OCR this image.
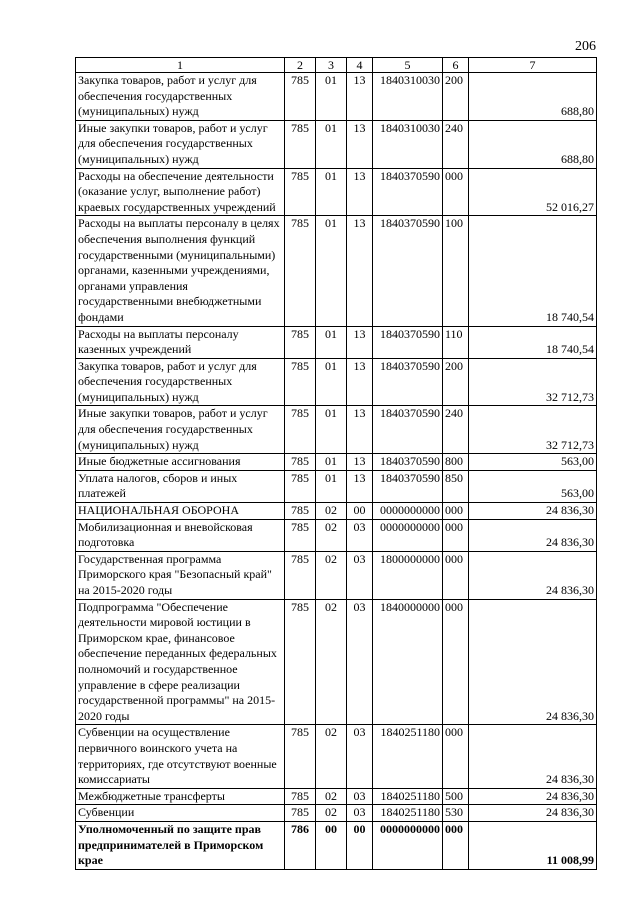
206
1	2	3	4	5	6	7
Закупка товаров, работ и услуг для обеспечения государственных (муниципальных) нужд	785	01	13	1840310030	200	688,80
Иные закупки товаров, работ и услуг для обеспечения государственных (муниципальных) нужд	785	01	13	1840310030	240	688,80
Расходы на обеспечение деятельности (оказание услуг, выполнение работ) краевых государственных учреждений	785	01	13	1840370590	000	52 016,27
Расходы на выплаты персоналу в целях обеспечения выполнения функций государственными (муниципальными) органами, казенными учреждениями, органами управления государственными внебюджетными фондами	785	01	13	1840370590	100	18 740,54
Расходы на выплаты персоналу казенных учреждений	785	01	13	1840370590	110	18 740,54
Закупка товаров, работ и услуг для обеспечения государственных (муниципальных) нужд	785	01	13	1840370590	200	32 712,73
Иные закупки товаров, работ и услуг для обеспечения государственных (муниципальных) нужд	785	01	13	1840370590	240	32 712,73
Иные бюджетные ассигнования	785	01	13	1840370590	800	563,00
Уплата налогов, сборов и иных платежей	785	01	13	1840370590	850	563,00
НАЦИОНАЛЬНАЯ ОБОРОНА	785	02	00	0000000000	000	24 836,30
Мобилизационная и вневойсковая подготовка	785	02	03	0000000000	000	24 836,30
Государственная программа Приморского края "Безопасный край" на 2015-2020 годы	785	02	03	1800000000	000	24 836,30
Подпрограмма "Обеспечение деятельности мировой юстиции в Приморском крае, финансовое обеспечение переданных федеральных полномочий и государственное управление в сфере реализации государственной программы" на 2015-2020 годы	785	02	03	1840000000	000	24 836,30
Субвенции на осуществление первичного воинского учета на территориях, где отсутствуют военные комиссариаты	785	02	03	1840251180	000	24 836,30
Межбюджетные трансферты	785	02	03	1840251180	500	24 836,30
Субвенции	785	02	03	1840251180	530	24 836,30
Уполномоченный по защите прав предпринимателей в Приморском крае	786	00	00	0000000000	000	11 008,99
